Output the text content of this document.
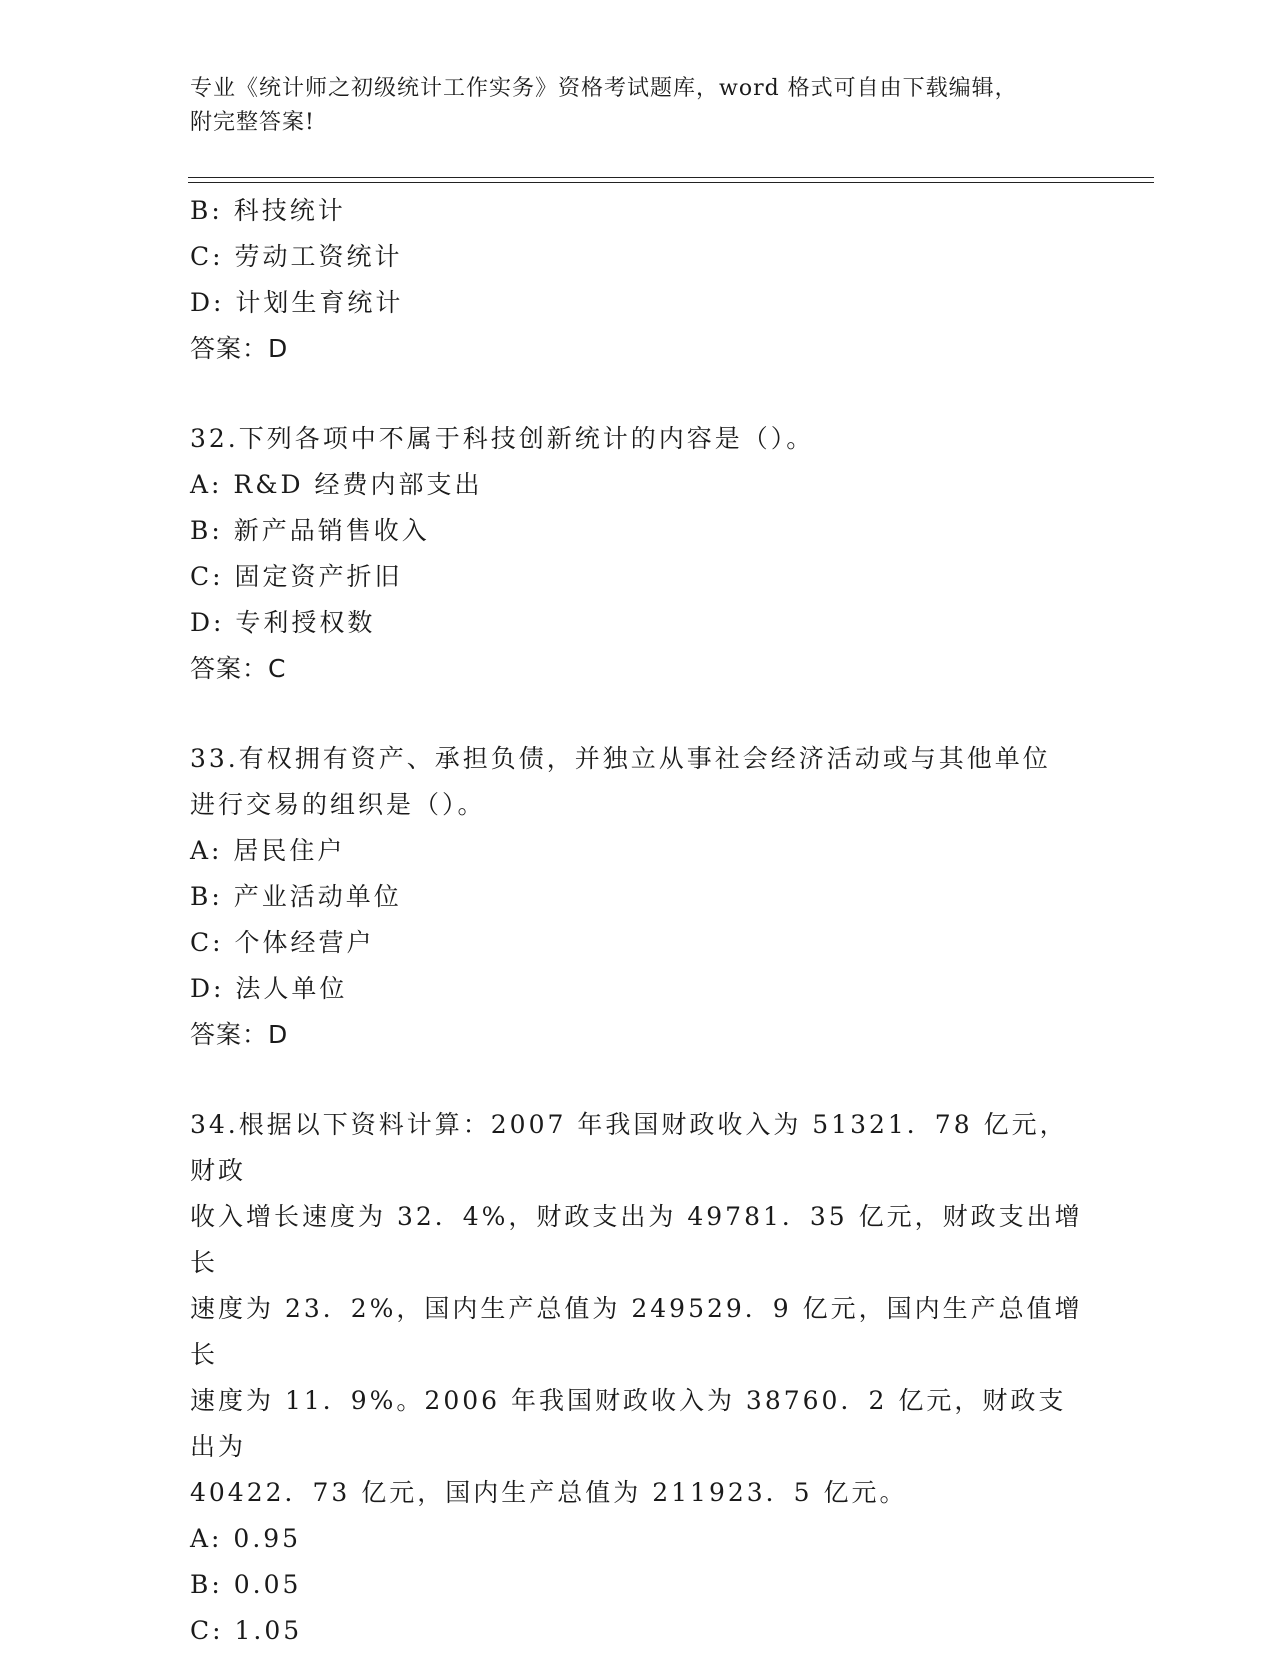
专业《统计师之初级统计工作实务》资格考试题库，word 格式可自由下载编辑，
附完整答案!
B: 科技统计
C: 劳动工资统计
D: 计划生育统计
答案：D
32.下列各项中不属于科技创新统计的内容是（）。
A: R&D 经费内部支出
B: 新产品销售收入
C: 固定资产折旧
D: 专利授权数
答案：C
33.有权拥有资产、承担负债，并独立从事社会经济活动或与其他单位
进行交易的组织是（）。
A: 居民住户
B: 产业活动单位
C: 个体经营户
D: 法人单位
答案：D
34.根据以下资料计算：2007 年我国财政收入为 51321．78 亿元，财政
收入增长速度为 32．4%，财政支出为 49781．35 亿元，财政支出增长
速度为 23．2%，国内生产总值为 249529．9 亿元，国内生产总值增长
速度为 11．9%。2006 年我国财政收入为 38760．2 亿元，财政支出为
40422．73 亿元，国内生产总值为 211923．5 亿元。
A: 0.95
B: 0.05
C: 1.05
